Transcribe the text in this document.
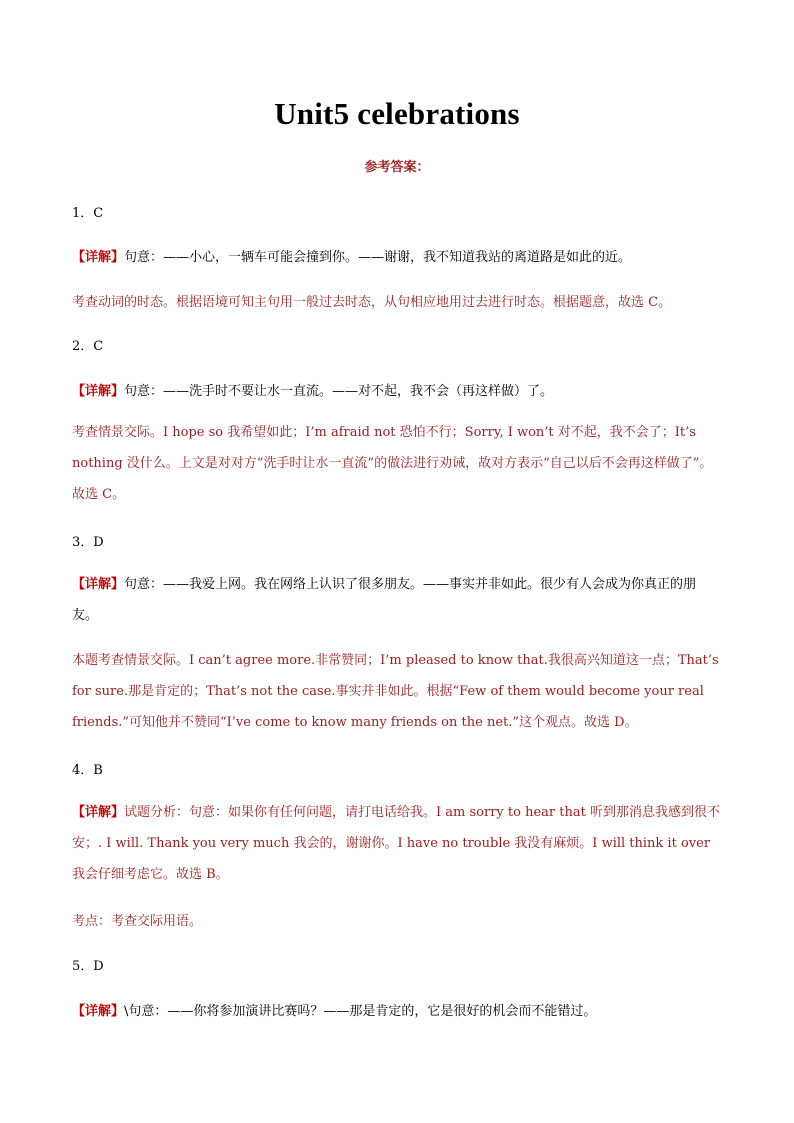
Unit5 celebrations
参考答案：
1．C
【详解】句意：——小心，一辆车可能会撞到你。——谢谢，我不知道我站的离道路是如此的近。
考查动词的时态。根据语境可知主句用一般过去时态，从句相应地用过去进行时态。根据题意，故选 C。
2．C
【详解】句意：——洗手时不要让水一直流。——对不起，我不会（再这样做）了。
考查情景交际。I hope so 我希望如此；I’m afraid not 恐怕不行；Sorry, I won’t 对不起，我不会了；It’s nothing 没什么。上文是对对方“洗手时让水一直流”的做法进行劝诫，故对方表示“自己以后不会再这样做了”。故选 C。
3．D
【详解】句意：——我爱上网。我在网络上认识了很多朋友。——事实并非如此。很少有人会成为你真正的朋友。
本题考查情景交际。I can’t agree more.非常赞同；I’m pleased to know that.我很高兴知道这一点；That’s for sure.那是肯定的；That’s not the case.事实并非如此。根据“Few of them would become your real friends.”可知他并不赞同“I’ve come to know many friends on the net.”这个观点。故选 D。
4．B
【详解】试题分析：句意：如果你有任何问题，请打电话给我。I am sorry to hear that 听到那消息我感到很不安；. I will. Thank you very much 我会的，谢谢你。I have no trouble 我没有麻烦。I will think it over 我会仔细考虑它。故选 B。
考点：考查交际用语。
5．D
【详解】\句意：——你将参加演讲比赛吗？——那是肯定的，它是很好的机会而不能错过。
